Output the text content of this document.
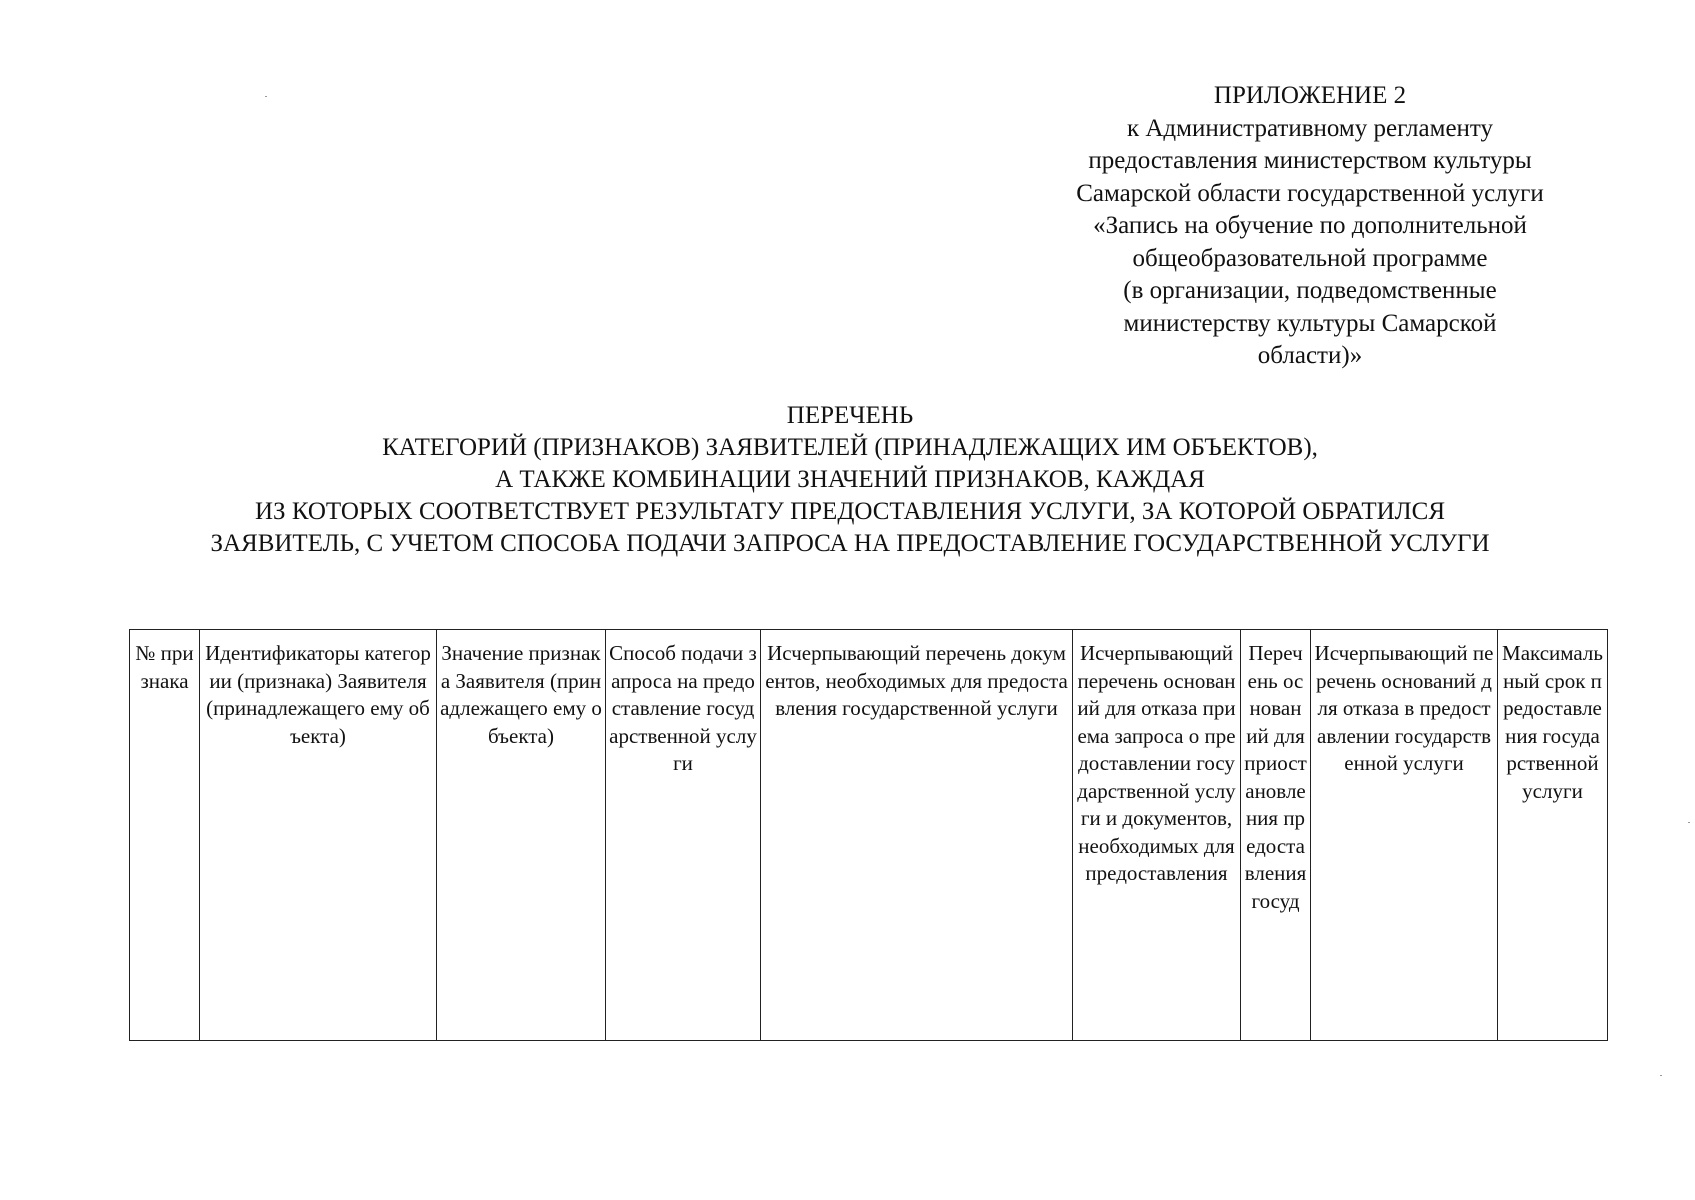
ПРИЛОЖЕНИЕ 2
к Административному регламенту
предоставления министерством культуры
Самарской области государственной услуги
«Запись на обучение по дополнительной
общеобразовательной программе
(в организации, подведомственные
министерству культуры Самарской
области)»
ПЕРЕЧЕНЬ
КАТЕГОРИЙ (ПРИЗНАКОВ) ЗАЯВИТЕЛЕЙ (ПРИНАДЛЕЖАЩИХ ИМ ОБЪЕКТОВ),
А ТАКЖЕ КОМБИНАЦИИ ЗНАЧЕНИЙ ПРИЗНАКОВ, КАЖДАЯ
ИЗ КОТОРЫХ СООТВЕТСТВУЕТ РЕЗУЛЬТАТУ ПРЕДОСТАВЛЕНИЯ УСЛУГИ, ЗА КОТОРОЙ ОБРАТИЛСЯ
ЗАЯВИТЕЛЬ, С УЧЕТОМ СПОСОБА ПОДАЧИ ЗАПРОСА НА ПРЕДОСТАВЛЕНИЕ ГОСУДАРСТВЕННОЙ УСЛУГИ
№ признака	Идентификаторы категории (признака) Заявителя (принадлежащего ему объекта)	Значение признака Заявителя (принадлежащего ему объекта)	Способ подачи запроса на предоставление государственной услуги	Исчерпывающий перечень документов, необходимых для предоставления государственной услуги	Исчерпывающий перечень оснований для отказа приема запроса о предоставлении государственной услуги и документов, необходимых для предоставления	Перечень оснований для приостановления предоставления госуд	Исчерпывающий перечень оснований для отказа в предоставлении государственной услуги	Максимальный срок предоставления государственной услуги
